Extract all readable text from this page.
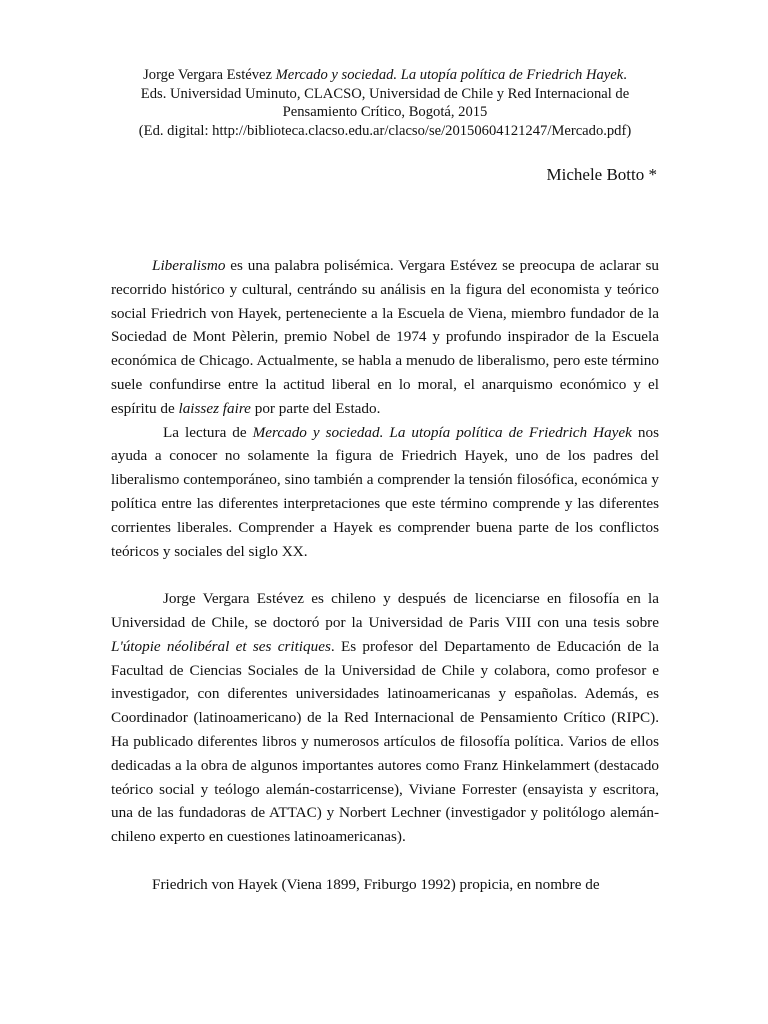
Jorge Vergara Estévez Mercado y sociedad. La utopía política de Friedrich Hayek.
Eds. Universidad Uminuto, CLACSO, Universidad de Chile y Red Internacional de
Pensamiento Crítico, Bogotá, 2015
(Ed. digital: http://biblioteca.clacso.edu.ar/clacso/se/20150604121247/Mercado.pdf)
Michele Botto *

Liberalismo es una palabra polisémica. Vergara Estévez se preocupa de aclarar su recorrido histórico y cultural, centrándo su análisis en la figura del economista y teórico social Friedrich von Hayek, perteneciente a la Escuela de Viena, miembro fundador de la Sociedad de Mont Pèlerin, premio Nobel de 1974 y profundo inspirador de la Escuela económica de Chicago. Actualmente, se habla a menudo de liberalismo, pero este término suele confundirse entre la actitud liberal en lo moral, el anarquismo económico y el espíritu de laissez faire por parte del Estado.

La lectura de Mercado y sociedad. La utopía política de Friedrich Hayek nos ayuda a conocer no solamente la figura de Friedrich Hayek, uno de los padres del liberalismo contemporáneo, sino también a comprender la tensión filosófica, económica y política entre las diferentes interpretaciones que este término comprende y las diferentes corrientes liberales. Comprender a Hayek es comprender buena parte de los conflictos teóricos y sociales del siglo XX.

Jorge Vergara Estévez es chileno y después de licenciarse en filosofía en la Universidad de Chile, se doctoró por la Universidad de Paris VIII con una tesis sobre L'útopie néolibéral et ses critiques. Es profesor del Departamento de Educación de la Facultad de Ciencias Sociales de la Universidad de Chile y colabora, como profesor e investigador, con diferentes universidades latinoamericanas y españolas. Además, es Coordinador (latinoamericano) de la Red Internacional de Pensamiento Crítico (RIPC). Ha publicado diferentes libros y numerosos artículos de filosofía política. Varios de ellos dedicadas a la obra de algunos importantes autores como Franz Hinkelammert (destacado teórico social y teólogo alemán-costarricense), Viviane Forrester (ensayista y escritora, una de las fundadoras de ATTAC) y Norbert Lechner (investigador y politólogo alemán-chileno experto en cuestiones latinoamericanas).

Friedrich von Hayek (Viena 1899, Friburgo 1992) propicia, en nombre de
